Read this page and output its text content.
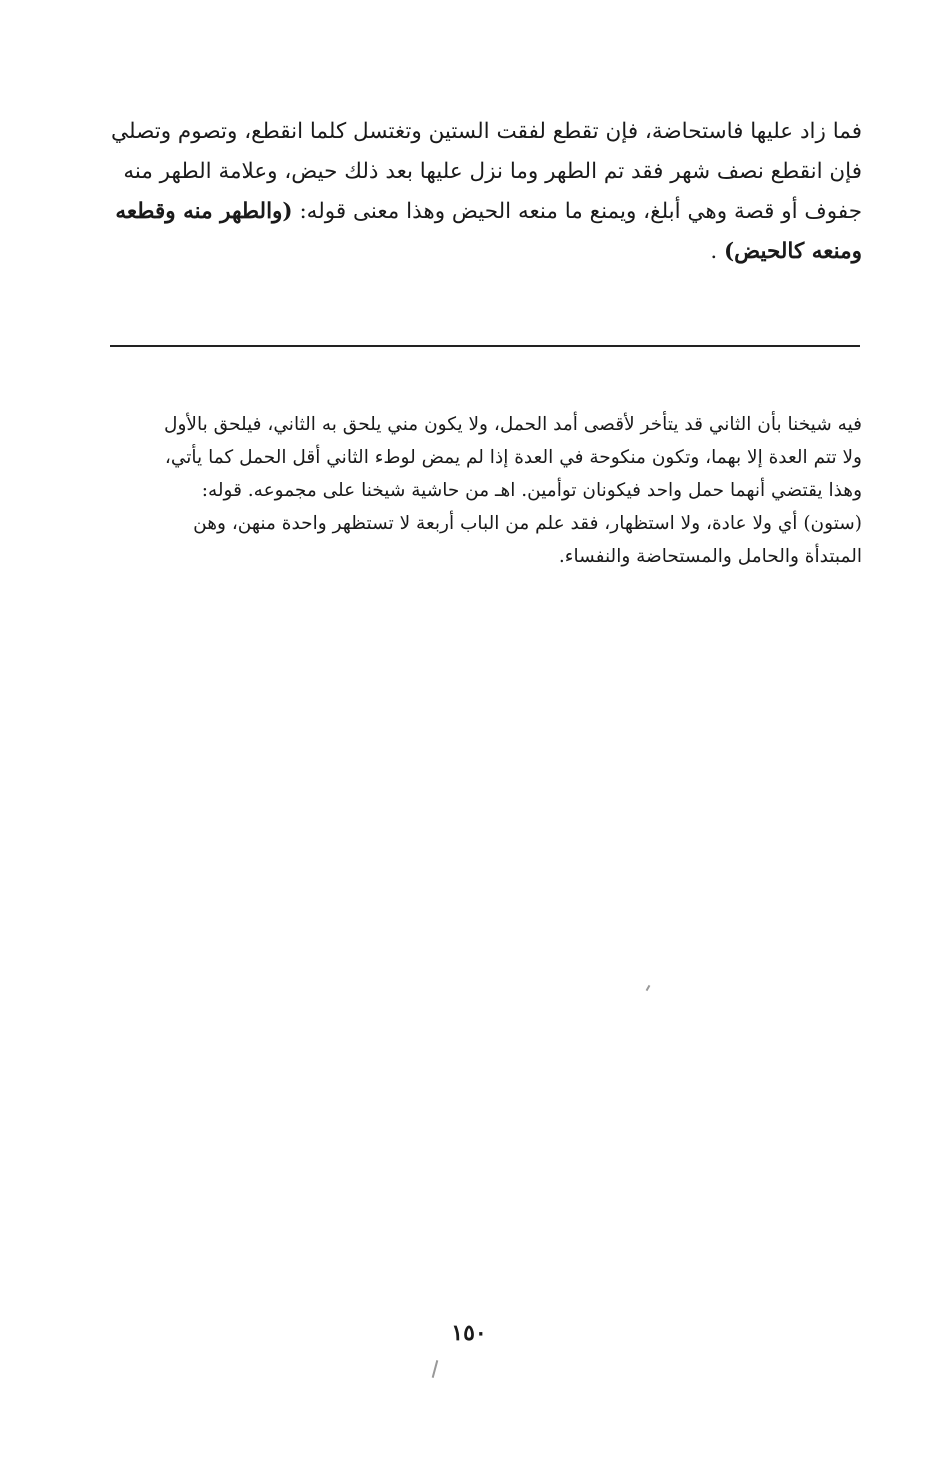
فما زاد عليها فاستحاضة، فإن تقطع لفقت الستين وتغتسل كلما انقطع، وتصوم وتصلي

فإن انقطع نصف شهر فقد تم الطهر وما نزل عليها بعد ذلك حيض، وعلامة الطهر منه

جفوف أو قصة وهي أبلغ، ويمنع ما منعه الحيض وهذا معنى قوله: (والطهر منه وقطعه

ومنعه كالحيض) .

فيه شيخنا بأن الثاني قد يتأخر لأقصى أمد الحمل، ولا يكون مني يلحق به الثاني، فيلحق بالأول

ولا تتم العدة إلا بهما، وتكون منكوحة في العدة إذا لم يمض لوطء الثاني أقل الحمل كما يأتي،

وهذا يقتضي أنهما حمل واحد فيكونان توأمين. اهـ من حاشية شيخنا على مجموعه. قوله:

(ستون) أي ولا عادة، ولا استظهار، فقد علم من الباب أربعة لا تستظهر واحدة منهن، وهن

المبتدأة والحامل والمستحاضة والنفساء.

١٥٠
